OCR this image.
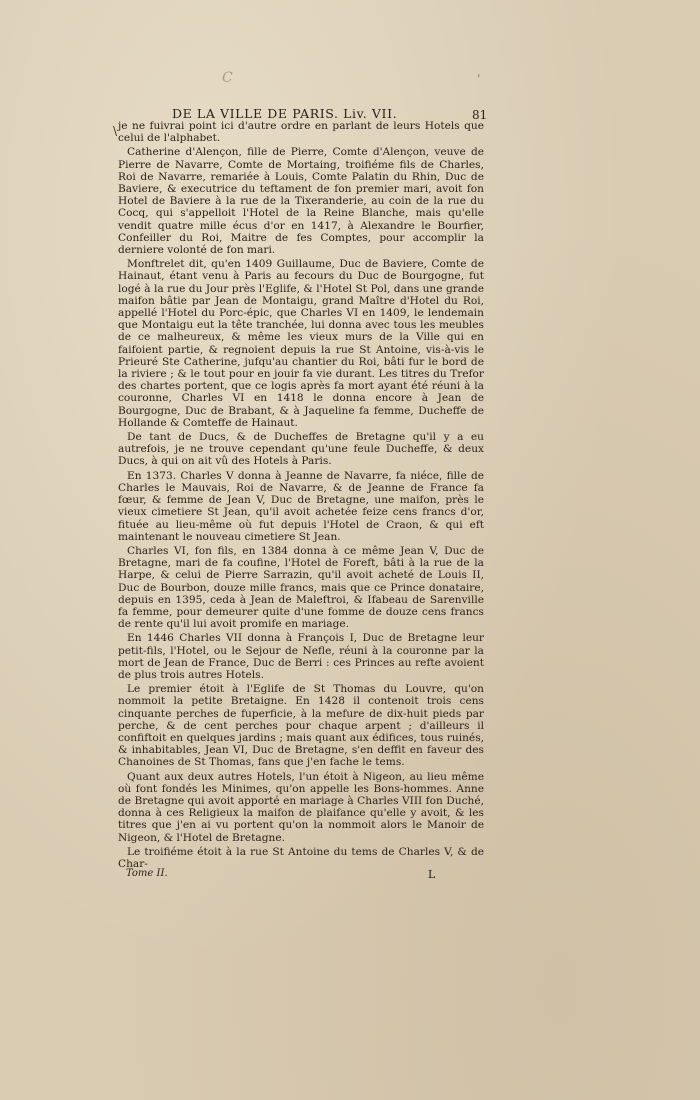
C	'
DE LA VILLE DE PARIS. Liv. VII.	81
\ je ne fuivrai point ici d'autre ordre en parlant de leurs Hotels que celui de l'alphabet.

Catherine d'Alençon, fille de Pierre, Comte d'Alençon, veuve de Pierre de Navarre, Comte de Mortaing, troifiéme fils de Charles, Roi de Navarre, remariée à Louis, Comte Palatin du Rhin, Duc de Baviere, & executrice du teftament de fon premier mari, avoit fon Hotel de Baviere à la rue de la Tixeranderie, au coin de la rue du Cocq, qui s'appelloit l'Hotel de la Reine Blanche, mais qu'elle vendit quatre mille écus d'or en 1417, à Alexandre le Bourfier, Confeiller du Roi, Maitre de fes Comptes, pour accomplir la derniere volonté de fon mari.

Monftrelet dit, qu'en 1409 Guillaume, Duc de Baviere, Comte de Hainaut, étant venu à Paris au fecours du Duc de Bourgogne, fut logé à la rue du Jour près l'Eglife, & l'Hotel St Pol, dans une grande maifon bâtie par Jean de Montaigu, grand Maître d'Hotel du Roi, appellé l'Hotel du Porc-épic, que Charles VI en 1409, le lendemain que Montaigu eut la tête tranchée, lui donna avec tous les meubles de ce malheureux, & même les vieux murs de la Ville qui en faifoient partie, & regnoient depuis la rue St Antoine, vis-à-vis le Prieuré Ste Catherine, jufqu'au chantier du Roi, bâti fur le bord de la riviere ; & le tout pour en jouir fa vie durant. Les titres du Trefor des chartes portent, que ce logis après fa mort ayant été réuni à la couronne, Charles VI en 1418 le donna encore à Jean de Bourgogne, Duc de Brabant, & à Jaqueline fa femme, Ducheffe de Hollande & Comteffe de Hainaut.

De tant de Ducs, & de Ducheffes de Bretagne qu'il y a eu autrefois, je ne trouve cependant qu'une feule Ducheffe, & deux Ducs, à qui on ait vû des Hotels à Paris.

En 1373. Charles V donna à Jeanne de Navarre, fa niéce, fille de Charles le Mauvais, Roi de Navarre, & de Jeanne de France fa fœur, & femme de Jean V, Duc de Bretagne, une maifon, près le vieux cimetiere St Jean, qu'il avoit achetée feize cens francs d'or, fituée au lieu-même où fut depuis l'Hotel de Craon, & qui eft maintenant le nouveau cimetiere St Jean.

Charles VI, fon fils, en 1384 donna à ce même Jean V, Duc de Bretagne, mari de fa coufine, l'Hotel de Foreft, bâti à la rue de la Harpe, & celui de Pierre Sarrazin, qu'il avoit acheté de Louis II, Duc de Bourbon, douze mille francs, mais que ce Prince donataire, depuis en 1395, ceda à Jean de Maleftroi, & Ifabeau de Sarenville fa femme, pour demeurer quite d'une fomme de douze cens francs de rente qu'il lui avoit promife en mariage.

En 1446 Charles VII donna à François I, Duc de Bretagne leur petit-fils, l'Hotel, ou le Sejour de Nefle, réuni à la couronne par la mort de Jean de France, Duc de Berri : ces Princes au refte avoient de plus trois autres Hotels.

Le premier étoit à l'Eglife de St Thomas du Louvre, qu'on nommoit la petite Bretaigne. En 1428 il contenoit trois cens cinquante perches de fuperficie, à la mefure de dix-huit pieds par perche, & de cent perches pour chaque arpent ; d'ailleurs il confiftoit en quelques jardins ; mais quant aux édifices, tous ruinés, & inhabitables, Jean VI, Duc de Bretagne, s'en deffit en faveur des Chanoines de St Thomas, fans que j'en fache le tems.

Quant aux deux autres Hotels, l'un étoit à Nigeon, au lieu même où font fondés les Minimes, qu'on appelle les Bons-hommes. Anne de Bretagne qui avoit apporté en mariage à Charles VIII fon Duché, donna à ces Religieux la maifon de plaifance qu'elle y avoit, & les titres que j'en ai vu portent qu'on la nommoit alors le Manoir de Nigeon, & l'Hotel de Bretagne.

Le troifiéme étoit à la rue St Antoine du tems de Charles V, & de Char-

Tome II.	L
